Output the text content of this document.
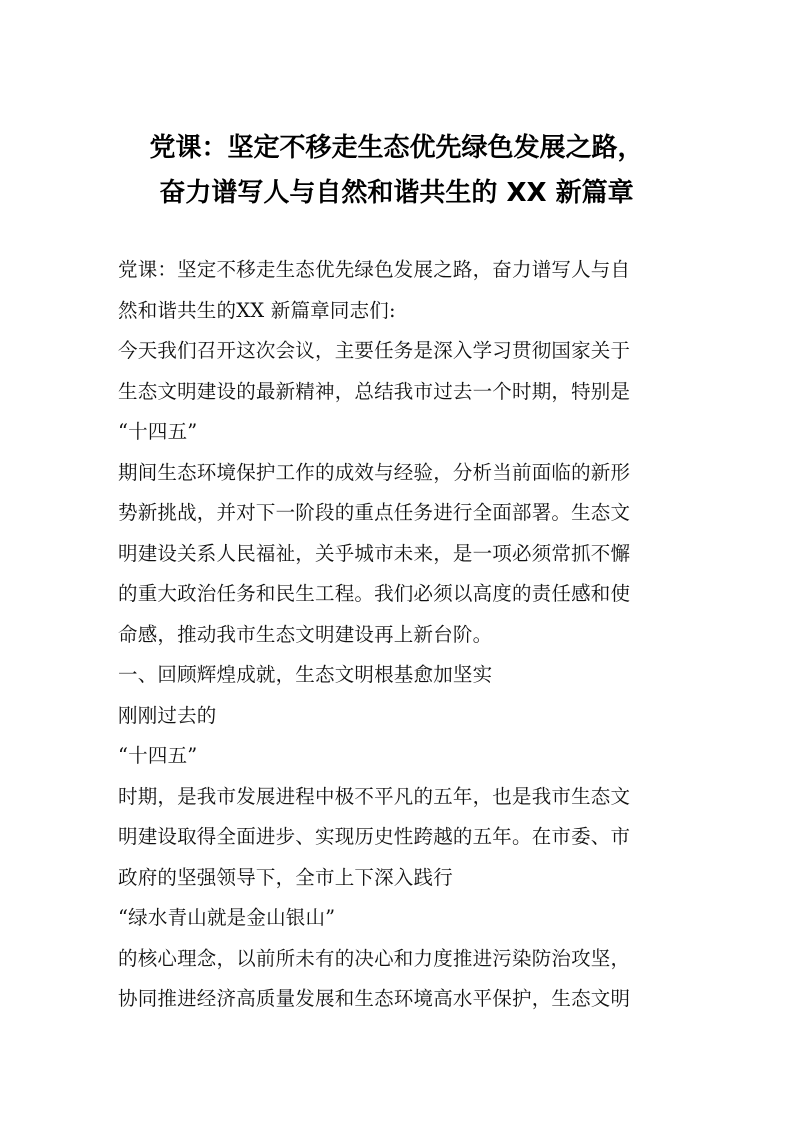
党课：坚定不移走生态优先绿色发展之路，
奋力谱写人与自然和谐共生的 XX 新篇章
党课：坚定不移走生态优先绿色发展之路，奋力谱写人与自
然和谐共生的XX 新篇章同志们:
今天我们召开这次会议，主要任务是深入学习贯彻国家关于
生态文明建设的最新精神，总结我市过去一个时期，特别是
“十四五”
期间生态环境保护工作的成效与经验，分析当前面临的新形
势新挑战，并对下一阶段的重点任务进行全面部署。生态文
明建设关系人民福祉，关乎城市未来，是一项必须常抓不懈
的重大政治任务和民生工程。我们必须以高度的责任感和使
命感，推动我市生态文明建设再上新台阶。
一、回顾辉煌成就，生态文明根基愈加坚实
刚刚过去的
“十四五”
时期，是我市发展进程中极不平凡的五年，也是我市生态文
明建设取得全面进步、实现历史性跨越的五年。在市委、市
政府的坚强领导下，全市上下深入践行
“绿水青山就是金山银山”
的核心理念，以前所未有的决心和力度推进污染防治攻坚，
协同推进经济高质量发展和生态环境高水平保护，生态文明
